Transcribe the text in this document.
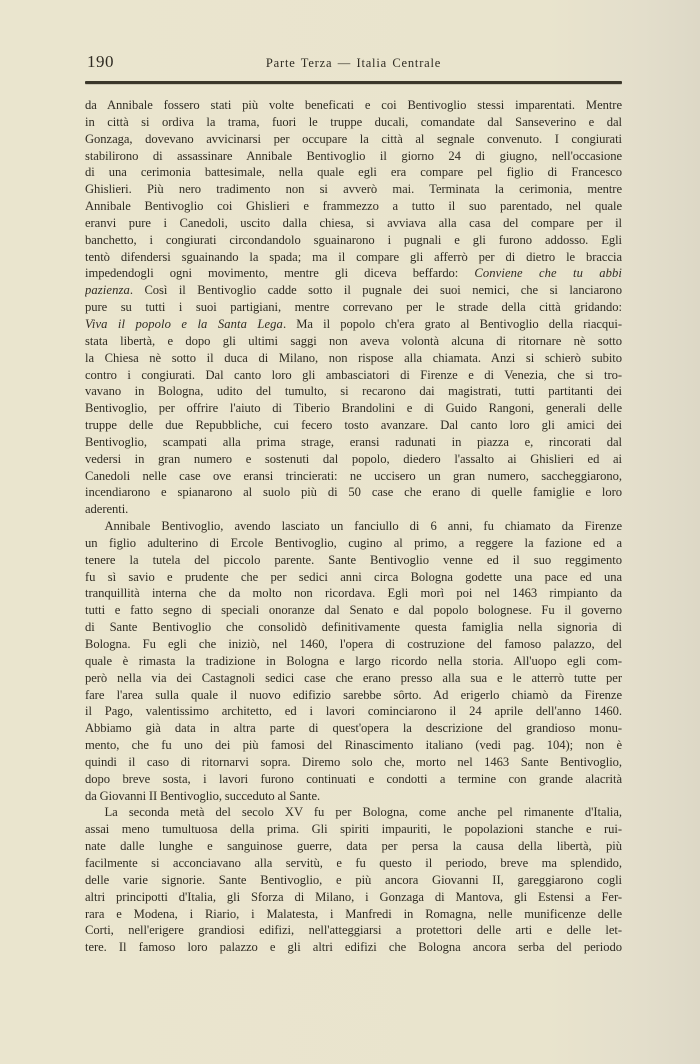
190	Parte Terza — Italia Centrale
da Annibale fossero stati più volte beneficati e coi Bentivoglio stessi imparentati. Mentre
in città si ordiva la trama, fuori le truppe ducali, comandate dal Sanseverino e dal
Gonzaga, dovevano avvicinarsi per occupare la città al segnale convenuto. I congiurati
stabilirono di assassinare Annibale Bentivoglio il giorno 24 di giugno, nell'occasione
di una cerimonia battesimale, nella quale egli era compare pel figlio di Francesco
Ghislieri. Più nero tradimento non si avverò mai. Terminata la cerimonia, mentre
Annibale Bentivoglio coi Ghislieri e frammezzo a tutto il suo parentado, nel quale
eranvi pure i Canedoli, uscito dalla chiesa, si avviava alla casa del compare per il
banchetto, i congiurati circondandolo sguainarono i pugnali e gli furono addosso. Egli
tentò difendersi sguainando la spada; ma il compare gli afferrò per di dietro le braccia
impedendogli ogni movimento, mentre gli diceva beffardo: Conviene che tu abbi
pazienza. Così il Bentivoglio cadde sotto il pugnale dei suoi nemici, che si lanciarono
pure su tutti i suoi partigiani, mentre correvano per le strade della città gridando:
Viva il popolo e la Santa Lega. Ma il popolo ch'era grato al Bentivoglio della riacqui-
stata libertà, e dopo gli ultimi saggi non aveva volontà alcuna di ritornare nè sotto
la Chiesa nè sotto il duca di Milano, non rispose alla chiamata. Anzi si schierò subito
contro i congiurati. Dal canto loro gli ambasciatori di Firenze e di Venezia, che si tro-
vavano in Bologna, udito del tumulto, si recarono dai magistrati, tutti partitanti dei
Bentivoglio, per offrire l'aiuto di Tiberio Brandolini e di Guido Rangoni, generali delle
truppe delle due Repubbliche, cui fecero tosto avanzare. Dal canto loro gli amici dei
Bentivoglio, scampati alla prima strage, eransi radunati in piazza e, rincorati dal
vedersi in gran numero e sostenuti dal popolo, diedero l'assalto ai Ghislieri ed ai
Canedoli nelle case ove eransi trincierati: ne uccisero un gran numero, saccheggiarono,
incendiarono e spianarono al suolo più di 50 case che erano di quelle famiglie e loro
aderenti.
Annibale Bentivoglio, avendo lasciato un fanciullo di 6 anni, fu chiamato da Firenze
un figlio adulterino di Ercole Bentivoglio, cugino al primo, a reggere la fazione ed a
tenere la tutela del piccolo parente. Sante Bentivoglio venne ed il suo reggimento
fu sì savio e prudente che per sedici anni circa Bologna godette una pace ed una
tranquillità interna che da molto non ricordava. Egli morì poi nel 1463 rimpianto da
tutti e fatto segno di speciali onoranze dal Senato e dal popolo bolognese. Fu il governo
di Sante Bentivoglio che consolidò definitivamente questa famiglia nella signoria di
Bologna. Fu egli che iniziò, nel 1460, l'opera di costruzione del famoso palazzo, del
quale è rimasta la tradizione in Bologna e largo ricordo nella storia. All'uopo egli com-
però nella via dei Castagnoli sedici case che erano presso alla sua e le atterrò tutte per
fare l'area sulla quale il nuovo edifizio sarebbe sôrto. Ad erigerlo chiamò da Firenze
il Pago, valentissimo architetto, ed i lavori cominciarono il 24 aprile dell'anno 1460.
Abbiamo già data in altra parte di quest'opera la descrizione del grandioso monu-
mento, che fu uno dei più famosi del Rinascimento italiano (vedi pag. 104); non è
quindi il caso di ritornarvi sopra. Diremo solo che, morto nel 1463 Sante Bentivoglio,
dopo breve sosta, i lavori furono continuati e condotti a termine con grande alacrità
da Giovanni II Bentivoglio, succeduto al Sante.
La seconda metà del secolo XV fu per Bologna, come anche pel rimanente d'Italia,
assai meno tumultuosa della prima. Gli spiriti impauriti, le popolazioni stanche e rui-
nate dalle lunghe e sanguinose guerre, data per persa la causa della libertà, più
facilmente si acconciavano alla servitù, e fu questo il periodo, breve ma splendido,
delle varie signorie. Sante Bentivoglio, e più ancora Giovanni II, gareggiarono cogli
altri principotti d'Italia, gli Sforza di Milano, i Gonzaga di Mantova, gli Estensi a Fer-
rara e Modena, i Riario, i Malatesta, i Manfredi in Romagna, nelle munificenze delle
Corti, nell'erigere grandiosi edifizi, nell'atteggiarsi a protettori delle arti e delle let-
tere. Il famoso loro palazzo e gli altri edifizi che Bologna ancora serba del periodo
